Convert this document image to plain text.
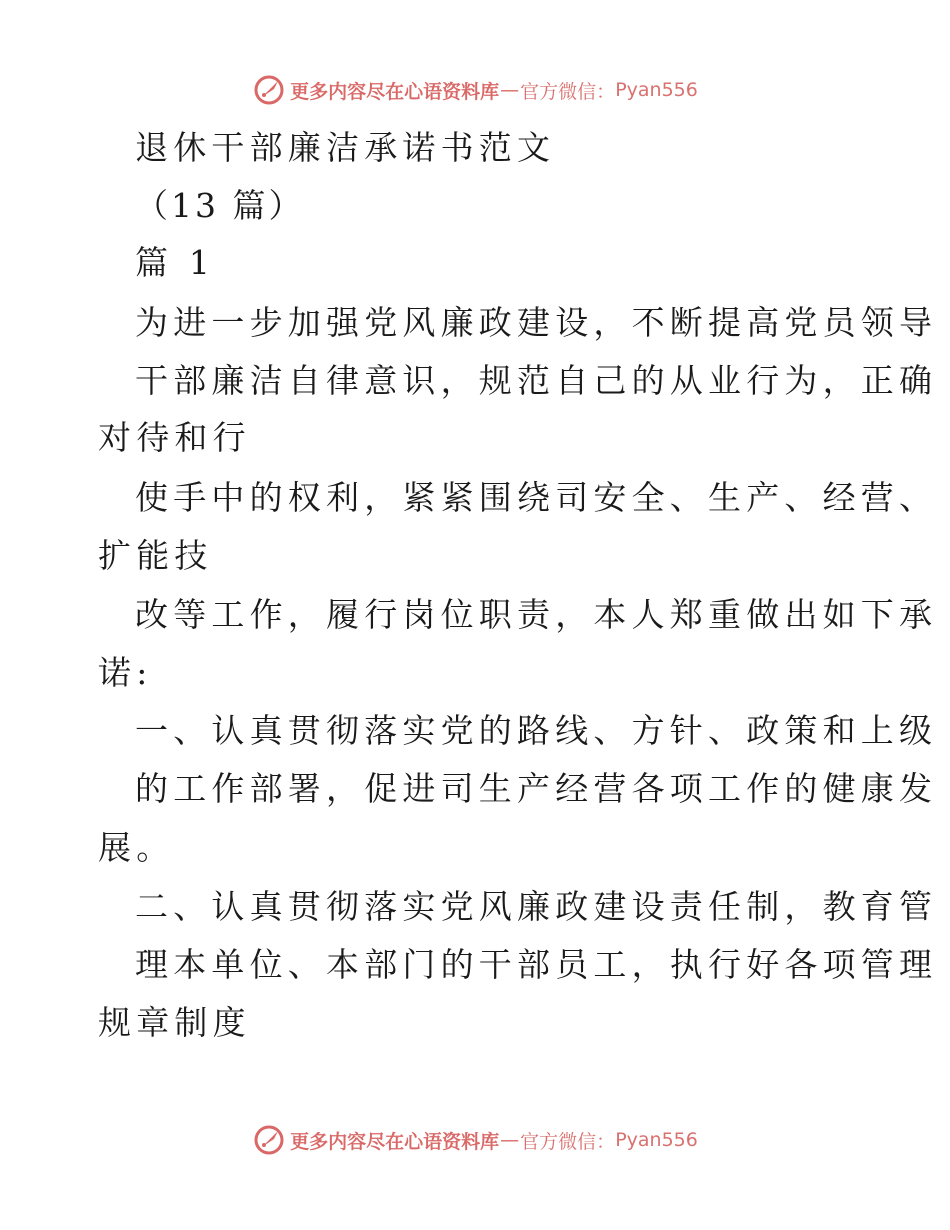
更多内容尽在心语资料库 — 官方微信： Pyan556
退休干部廉洁承诺书范文
（13 篇）
篇 1
为进一步加强党风廉政建设，不断提高党员领导
干部廉洁自律意识，规范自己的从业行为，正确
对待和行
使手中的权利，紧紧围绕司安全、生产、经营、
扩能技
改等工作，履行岗位职责，本人郑重做出如下承
诺:
一、认真贯彻落实党的路线、方针、政策和上级
的工作部署，促进司生产经营各项工作的健康发
展。
二、认真贯彻落实党风廉政建设责任制，教育管
理本单位、本部门的干部员工，执行好各项管理
规章制度
更多内容尽在心语资料库 — 官方微信： Pyan556
